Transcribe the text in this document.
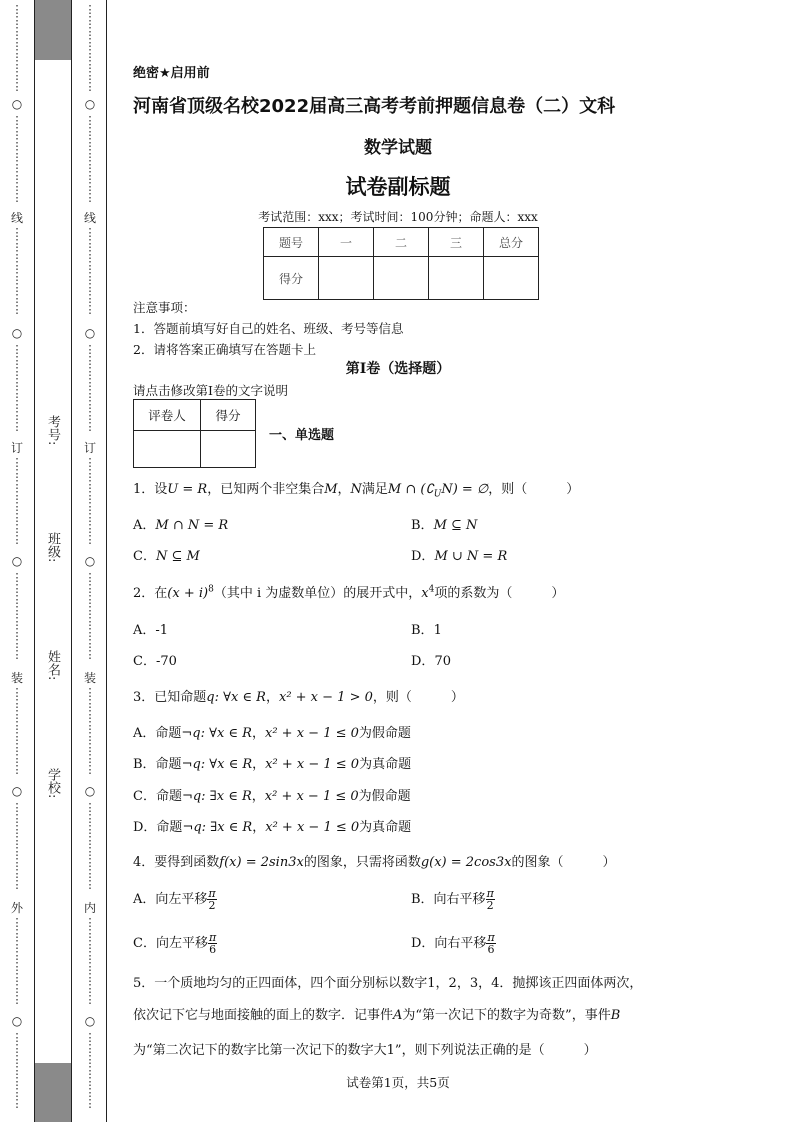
考号:
班级:
姓名:
学校:
⋮
⋮
⋮
⋮
⋮
⋮
⋮
⋮
○
⋮
⋮
⋮
⋮
⋮
⋮
⋮
⋮
线
⋮
⋮
⋮
⋮
⋮
⋮
⋮
⋮
○
⋮
⋮
⋮
⋮
⋮
⋮
⋮
⋮
订
⋮
⋮
⋮
⋮
⋮
⋮
⋮
⋮
○
⋮
⋮
⋮
⋮
⋮
⋮
⋮
⋮
装
⋮
⋮
⋮
⋮
⋮
⋮
⋮
⋮
○
⋮
⋮
⋮
⋮
⋮
⋮
⋮
⋮
外
⋮
⋮
⋮
⋮
⋮
⋮
⋮
⋮
○
⋮
⋮
⋮
⋮
⋮
⋮
⋮
⋮
⋮
⋮
⋮
⋮
⋮
⋮
⋮
○
⋮
⋮
⋮
⋮
⋮
⋮
⋮
⋮
线
⋮
⋮
⋮
⋮
⋮
⋮
⋮
⋮
○
⋮
⋮
⋮
⋮
⋮
⋮
⋮
⋮
订
⋮
⋮
⋮
⋮
⋮
⋮
⋮
⋮
○
⋮
⋮
⋮
⋮
⋮
⋮
⋮
⋮
装
⋮
⋮
⋮
⋮
⋮
⋮
⋮
⋮
○
⋮
⋮
⋮
⋮
⋮
⋮
⋮
⋮
内
⋮
⋮
⋮
⋮
⋮
⋮
⋮
⋮
○
⋮
⋮
⋮
⋮
⋮
⋮
⋮
绝密★启用前
河南省顶级名校2022届高三高考考前押题信息卷（二）文科
数学试题
试卷副标题
考试范围：xxx；考试时间：100分钟；命题人：xxx
题号	一	二	三	总分
得分				
注意事项：
1．答题前填写好自己的姓名、班级、考号等信息
2．请将答案正确填写在答题卡上
第I卷（选择题）
请点击修改第I卷的文字说明
评卷人	得分

一、单选题
1．设U = R，已知两个非空集合M，N满足M ∩ $(∁_UN)$ = ∅，则（　　　）
A．M ∩ N = R	B．M ⊆ N
C．N ⊆ M	D．M ∪ N = R
2．在$(x + i)^8$（其中 i 为虚数单位）的展开式中，$x^4$项的系数为（　　　）
A．-1	B．1
C．-70	D．70
3．已知命题q: ∀x ∈ R，x² + x − 1 > 0，则（　　　）
A．命题¬q: ∀x ∈ R，x² + x − 1 ≤ 0为假命题
B．命题¬q: ∀x ∈ R，x² + x − 1 ≤ 0为真命题
C．命题¬q: ∃x ∈ R，x² + x − 1 ≤ 0为假命题
D．命题¬q: ∃x ∈ R，x² + x − 1 ≤ 0为真命题
4．要得到函数f(x) = 2sin3x的图象，只需将函数g(x) = 2cos3x的图象（　　　）
A．向左平移 $\frac{\pi}{2}$	B．向右平移 $\frac{\pi}{2}$
C．向左平移 $\frac{\pi}{6}$	D．向右平移 $\frac{\pi}{6}$
5．一个质地均匀的正四面体，四个面分别标以数字1，2，3，4．抛掷该正四面体两次，
依次记下它与地面接触的面上的数字．记事件A为“第一次记下的数字为奇数”，事件B
为“第二次记下的数字比第一次记下的数字大1”，则下列说法正确的是（　　　）
试卷第1页，共5页
